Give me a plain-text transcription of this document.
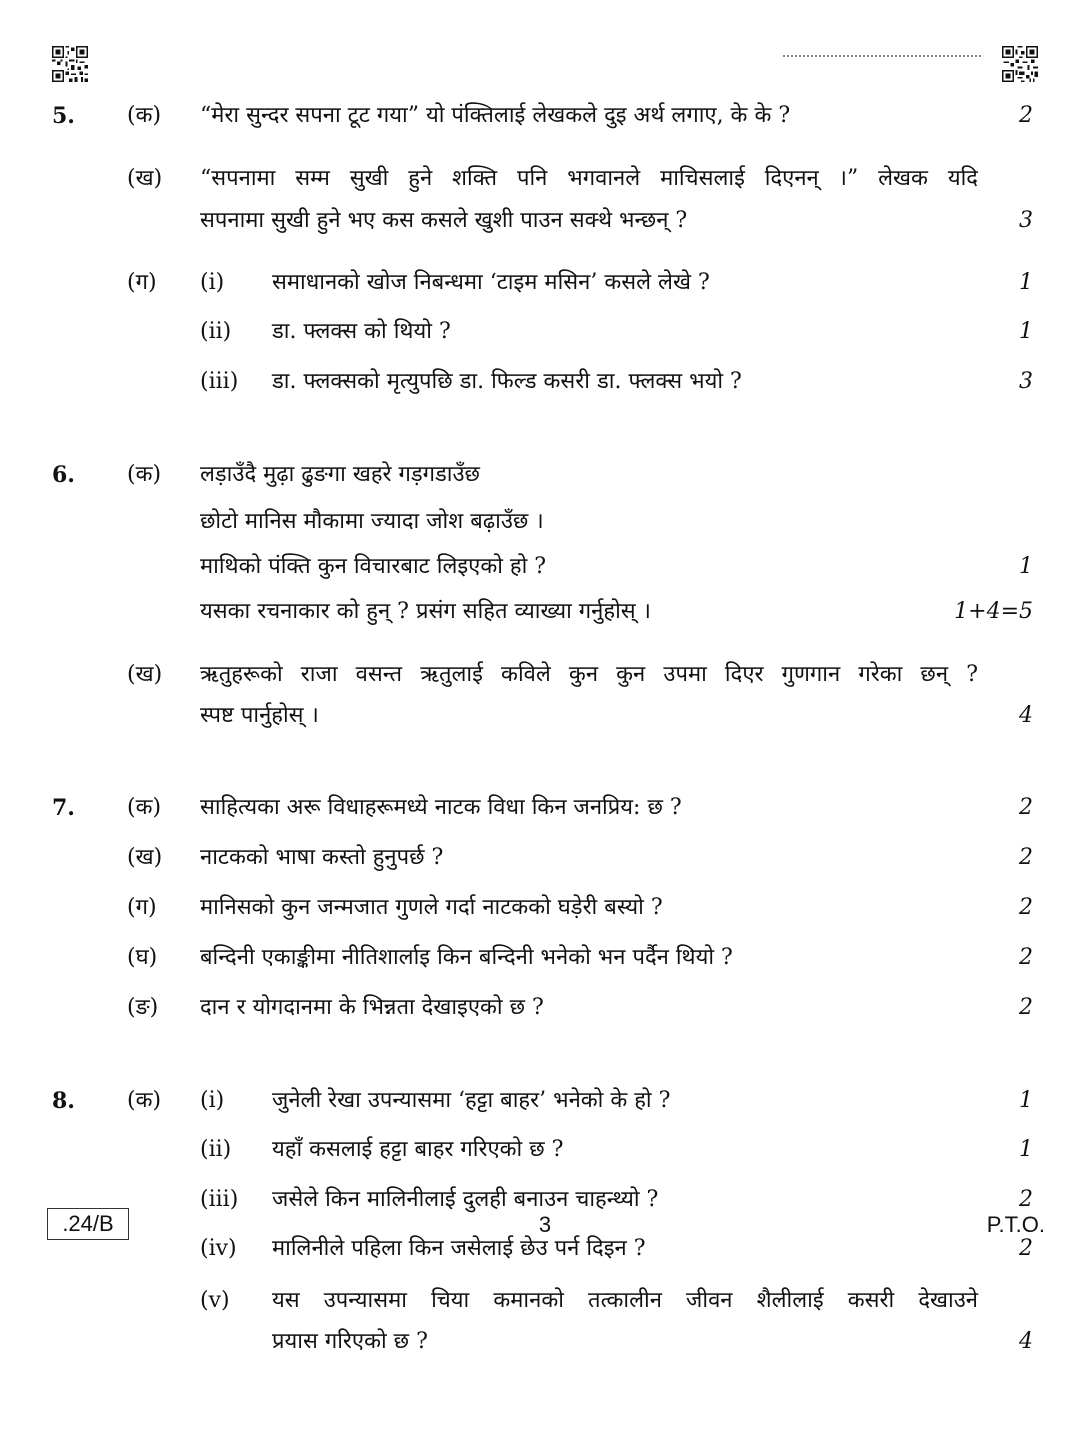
5. (क) “मेरा सुन्दर सपना टूट गया” यो पंक्तिलाई लेखकले दुइ अर्थ लगाए, के के ?	2
(ख) “सपनामा सम्म सुखी हुने शक्ति पनि भगवानले माचिसलाई दिएनन् ।” लेखक यदि
सपनामा सुखी हुने भए कस कसले खुशी पाउन सक्थे भन्छन् ?	3
(ग) (i) समाधानको खोज निबन्धमा ‘टाइम मसिन’ कसले लेखे ?	1
(ii) डा. फ्लक्स को थियो ?	1
(iii) डा. फ्लक्सको मृत्युपछि डा. फिल्ड कसरी डा. फ्लक्स भयो ?	3
6. (क) लड़ाउँदै मुढ़ा ढुङगा खहरे गड़गडाउँछ
छोटो मानिस मौकामा ज्यादा जोश बढ़ाउँछ ।
माथिको पंक्ति कुन विचारबाट लिइएको हो ?	1
यसका रचनाकार को हुन् ? प्रसंग सहित व्याख्या गर्नुहोस् ।	1+4=5
(ख) ऋतुहरूको राजा वसन्त ऋतुलाई कविले कुन कुन उपमा दिएर गुणगान गरेका छन् ?
स्पष्ट पार्नुहोस् ।	4
7. (क) साहित्यका अरू विधाहरूमध्ये नाटक विधा किन जनप्रिय: छ ?	2
(ख) नाटकको भाषा कस्तो हुनुपर्छ ?	2
(ग) मानिसको कुन जन्मजात गुणले गर्दा नाटकको घड़ेरी बस्यो ?	2
(घ) बन्दिनी एकाङ्कीमा नीतिशार्लाइ किन बन्दिनी भनेको भन पर्दैन थियो ?	2
(ङ) दान र योगदानमा के भिन्नता देखाइएको छ ?	2
8. (क) (i) जुनेली रेखा उपन्यासमा ‘हट्टा बाहर’ भनेको के हो ?	1
(ii) यहाँ कसलाई हट्टा बाहर गरिएको छ ?	1
(iii) जसेले किन मालिनीलाई दुलही बनाउन चाहन्थ्यो ?	2
(iv) मालिनीले पहिला किन जसेलाई छेउ पर्न दिइन ?	2
(v) यस उपन्यासमा चिया कमानको तत्कालीन जीवन शैलीलाई कसरी देखाउने
प्रयास गरिएको छ ?	4
.24/B	3	P.T.O.
